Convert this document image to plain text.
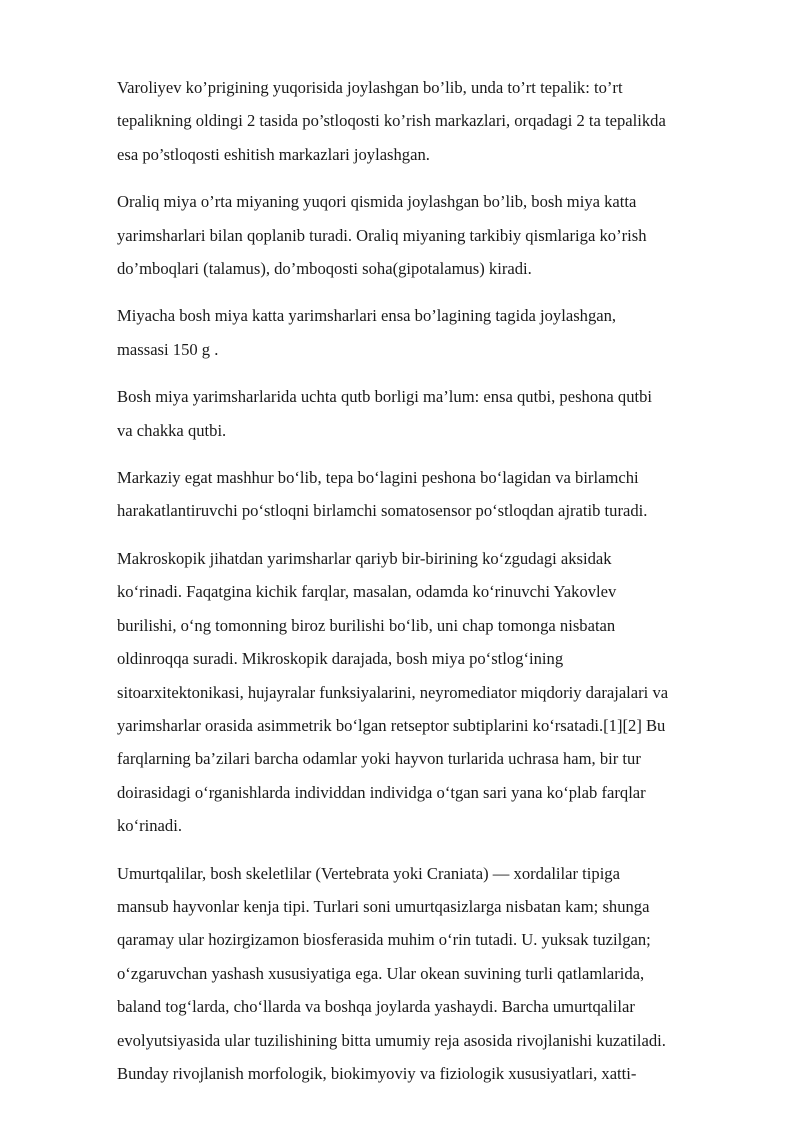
Varoliyev ko’prigining yuqorisida joylashgan bo’lib, unda to’rt tepalik: to’rt
tepalikning oldingi 2 tasida po’stloqosti ko’rish markazlari, orqadagi 2 ta tepalikda
esa po’stloqosti eshitish markazlari joylashgan.

Oraliq miya o’rta miyaning yuqori qismida joylashgan bo’lib, bosh miya katta
yarimsharlari bilan qoplanib turadi. Oraliq miyaning tarkibiy qismlariga ko’rish
do’mboqlari (talamus), do’mboqosti soha(gipotalamus) kiradi.

Miyacha bosh miya katta yarimsharlari ensa bo’lagining tagida joylashgan,
massasi 150 g .

Bosh miya yarimsharlarida uchta qutb borligi ma’lum: ensa qutbi, peshona qutbi
va chakka qutbi.

Markaziy egat mashhur bo‘lib, tepa bo‘lagini peshona bo‘lagidan va birlamchi
harakatlantiruvchi po‘stloqni birlamchi somatosensor po‘stloqdan ajratib turadi.

Makroskopik jihatdan yarimsharlar qariyb bir-birining ko‘zgudagi aksidak
ko‘rinadi. Faqatgina kichik farqlar, masalan, odamda ko‘rinuvchi Yakovlev
burilishi, o‘ng tomonning biroz burilishi bo‘lib, uni chap tomonga nisbatan
oldinroqqa suradi. Mikroskopik darajada, bosh miya po‘stlog‘ining
sitoarxitektonikasi, hujayralar funksiyalarini, neyromediator miqdoriy darajalari va
yarimsharlar orasida asimmetrik bo‘lgan retseptor subtiplarini ko‘rsatadi.[1][2] Bu
farqlarning ba’zilari barcha odamlar yoki hayvon turlarida uchrasa ham, bir tur
doirasidagi o‘rganishlarda individdan individga o‘tgan sari yana ko‘plab farqlar
ko‘rinadi.

Umurtqalilar, bosh skeletlilar (Vertebrata yoki Craniata) — xordalilar tipiga
mansub hayvonlar kenja tipi. Turlari soni umurtqasizlarga nisbatan kam; shunga
qaramay ular hozirgizamon biosferasida muhim o‘rin tutadi. U. yuksak tuzilgan;
o‘zgaruvchan yashash xususiyatiga ega. Ular okean suvining turli qatlamlarida,
baland tog‘larda, cho‘llarda va boshqa joylarda yashaydi. Barcha umurtqalilar
evolyutsiyasida ular tuzilishining bitta umumiy reja asosida rivojlanishi kuzatiladi.
Bunday rivojlanish morfologik, biokimyoviy va fiziologik xususiyatlari, xatti-
